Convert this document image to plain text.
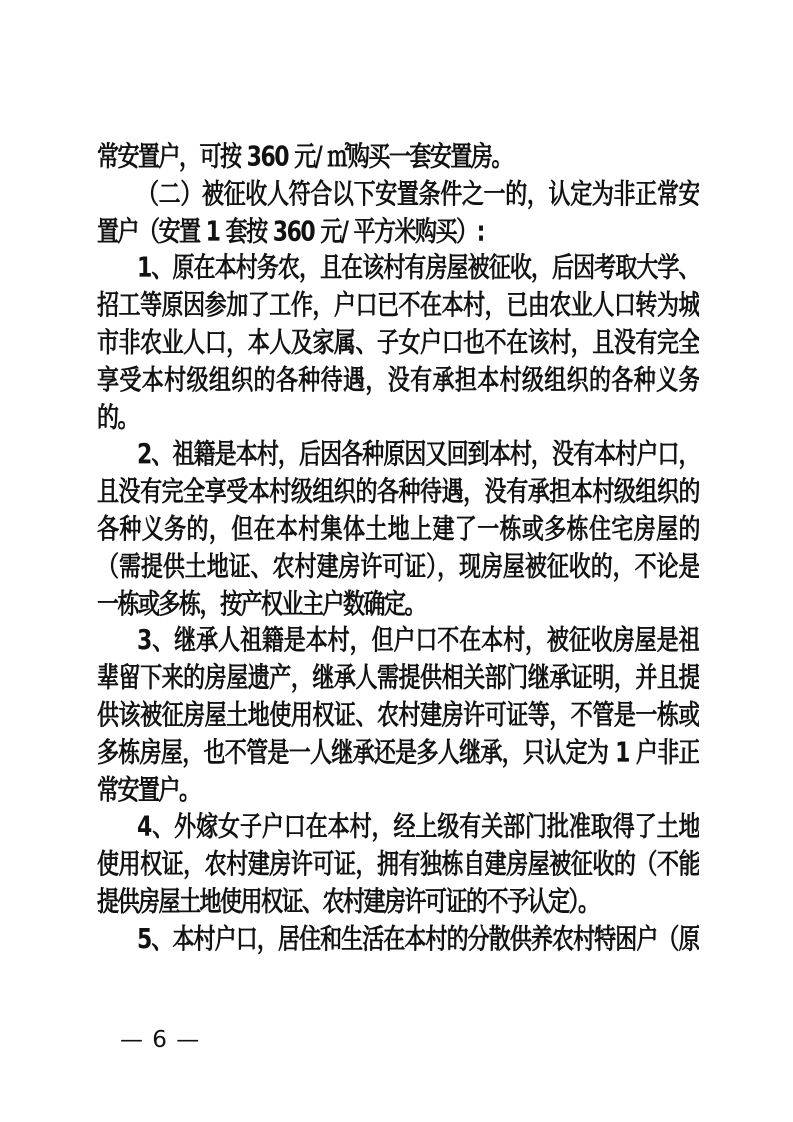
常安置户，可按 360 元/ ㎡购买一套安置房。
（二）被征收人符合以下安置条件之一的，认定为非正常安
置户（安置 1 套按 360 元/ 平方米购买）:
1、原在本村务农，且在该村有房屋被征收，后因考取大学、
招工等原因参加了工作，户口已不在本村，已由农业人口转为城
市非农业人口，本人及家属、子女户口也不在该村，且没有完全
享受本村级组织的各种待遇，没有承担本村级组织的各种义务
的。
2、祖籍是本村，后因各种原因又回到本村，没有本村户口，
且没有完全享受本村级组织的各种待遇，没有承担本村级组织的
各种义务的，但在本村集体土地上建了一栋或多栋住宅房屋的
（需提供土地证、农村建房许可证），现房屋被征收的，不论是
一栋或多栋，按产权业主户数确定。
3、继承人祖籍是本村，但户口不在本村，被征收房屋是祖
辈留下来的房屋遗产，继承人需提供相关部门继承证明，并且提
供该被征房屋土地使用权证、农村建房许可证等，不管是一栋或
多栋房屋，也不管是一人继承还是多人继承，只认定为 1 户非正
常安置户。
4、外嫁女子户口在本村，经上级有关部门批准取得了土地
使用权证，农村建房许可证，拥有独栋自建房屋被征收的（不能
提供房屋土地使用权证、农村建房许可证的不予认定）。
5、本村户口，居住和生活在本村的分散供养农村特困户（原
— 6 —
